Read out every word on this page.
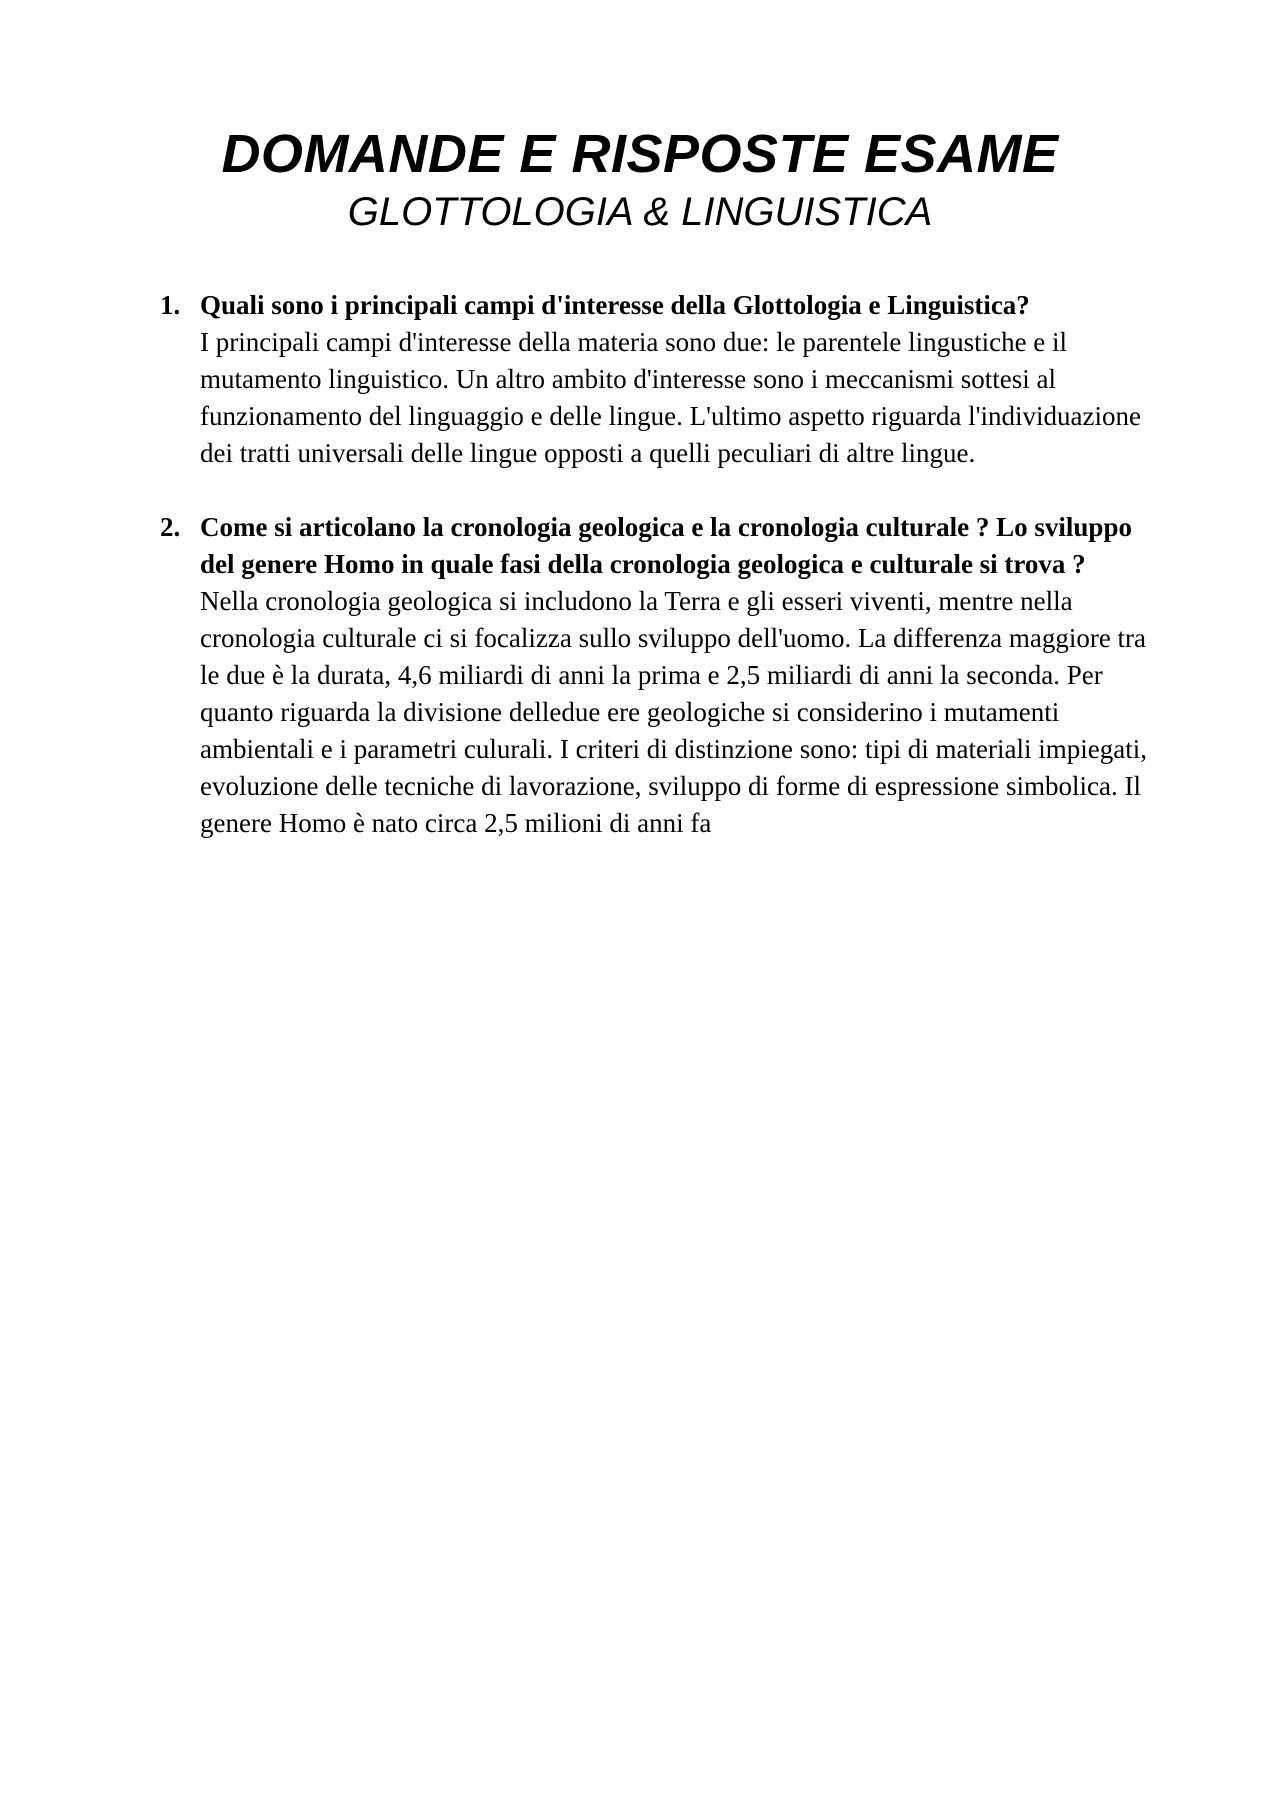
DOMANDE E RISPOSTE ESAME
GLOTTOLOGIA & LINGUISTICA
1. Quali sono i principali campi d'interesse della Glottologia e Linguistica?

I principali campi d'interesse della materia sono due: le parentele lingustiche e il mutamento linguistico. Un altro ambito d'interesse sono i meccanismi sottesi al funzionamento del linguaggio e delle lingue. L'ultimo aspetto riguarda l'individuazione dei tratti universali delle lingue opposti a quelli peculiari di altre lingue.

2. Come si articolano la cronologia geologica e la cronologia culturale ? Lo sviluppo del genere Homo in quale fasi della cronologia geologica e culturale si trova ?

Nella cronologia geologica si includono la Terra e gli esseri viventi, mentre nella cronologia culturale ci si focalizza sullo sviluppo dell'uomo. La differenza maggiore tra le due è la durata, 4,6 miliardi di anni la prima e 2,5 miliardi di anni la seconda. Per quanto riguarda la divisione delledue ere geologiche si considerino i mutamenti ambientali e i parametri culurali. I criteri di distinzione sono: tipi di materiali impiegati, evoluzione delle tecniche di lavorazione, sviluppo di forme di espressione simbolica. Il genere Homo è nato circa 2,5 milioni di anni fa
